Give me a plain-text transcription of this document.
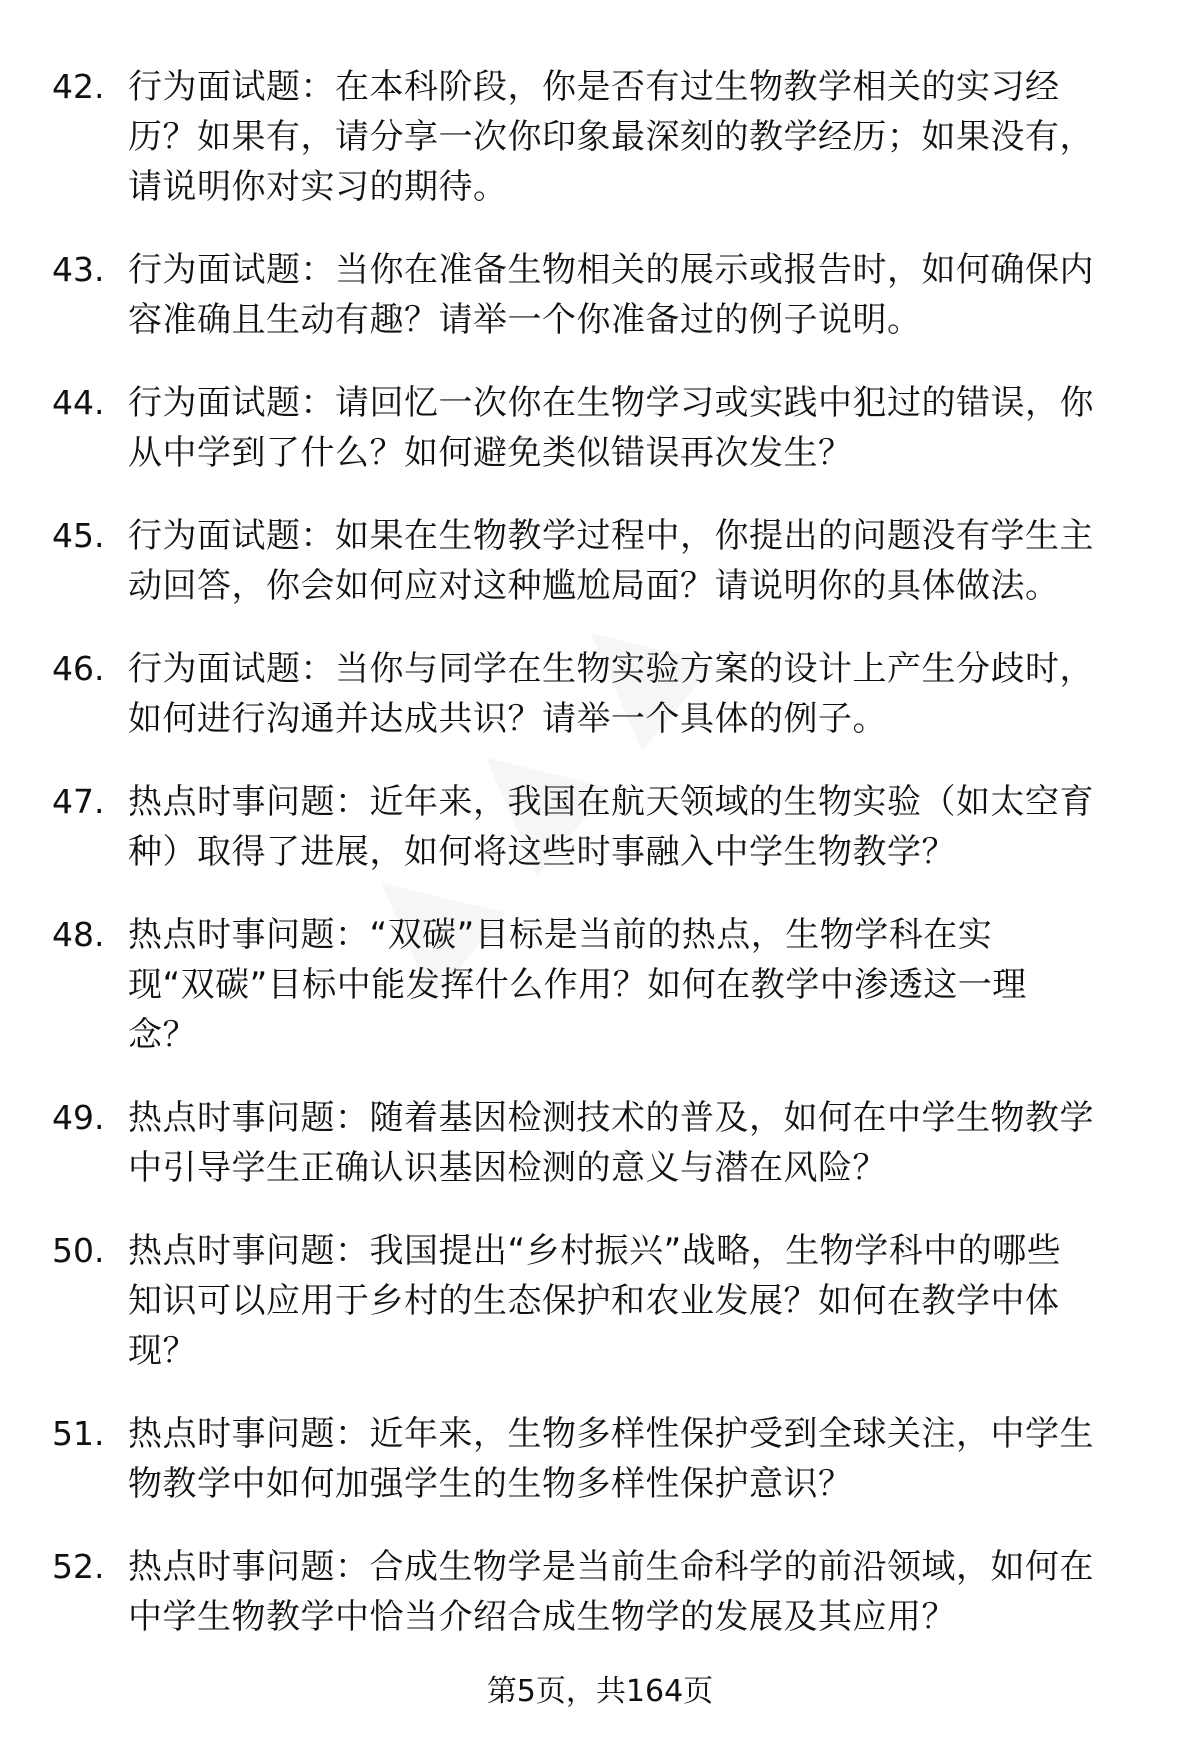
42. 行为面试题：在本科阶段，你是否有过生物教学相关的实习经
历？如果有，请分享一次你印象最深刻的教学经历；如果没有，
请说明你对实习的期待。
43. 行为面试题：当你在准备生物相关的展示或报告时，如何确保内
容准确且生动有趣？请举一个你准备过的例子说明。
44. 行为面试题：请回忆一次你在生物学习或实践中犯过的错误，你
从中学到了什么？如何避免类似错误再次发生？
45. 行为面试题：如果在生物教学过程中，你提出的问题没有学生主
动回答，你会如何应对这种尴尬局面？请说明你的具体做法。
46. 行为面试题：当你与同学在生物实验方案的设计上产生分歧时，
如何进行沟通并达成共识？请举一个具体的例子。
47. 热点时事问题：近年来，我国在航天领域的生物实验（如太空育
种）取得了进展，如何将这些时事融入中学生物教学？
48. 热点时事问题：“双碳”目标是当前的热点，生物学科在实
现“双碳”目标中能发挥什么作用？如何在教学中渗透这一理
念？
49. 热点时事问题：随着基因检测技术的普及，如何在中学生物教学
中引导学生正确认识基因检测的意义与潜在风险？
50. 热点时事问题：我国提出“乡村振兴”战略，生物学科中的哪些
知识可以应用于乡村的生态保护和农业发展？如何在教学中体
现？
51. 热点时事问题：近年来，生物多样性保护受到全球关注，中学生
物教学中如何加强学生的生物多样性保护意识？
52. 热点时事问题：合成生物学是当前生命科学的前沿领域，如何在
中学生物教学中恰当介绍合成生物学的发展及其应用？
第5页，共164页
